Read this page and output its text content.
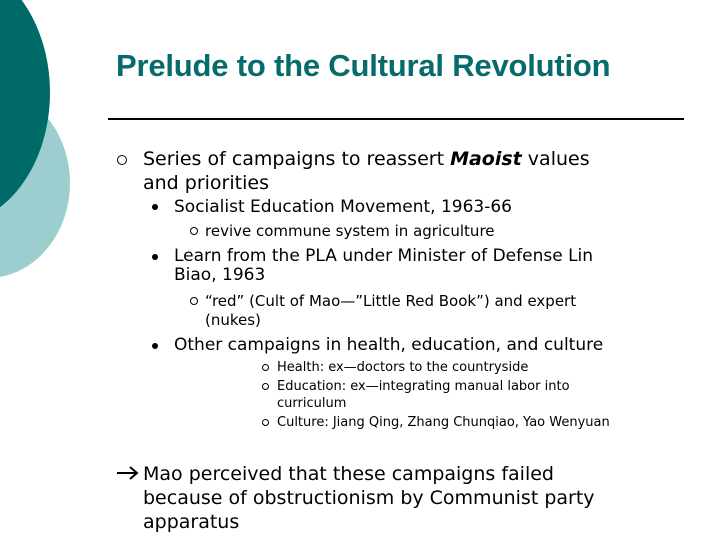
Prelude to the Cultural Revolution
Series of campaigns to reassert Maoist values
and priorities
Socialist Education Movement, 1963-66
revive commune system in agriculture
Learn from the PLA under Minister of Defense Lin
Biao, 1963
“red” (Cult of Mao—”Little Red Book”) and expert
(nukes)
Other campaigns in health, education, and culture
Health: ex—doctors to the countryside
Education: ex—integrating manual labor into
curriculum
Culture: Jiang Qing, Zhang Chunqiao, Yao Wenyuan
Mao perceived that these campaigns failed
because of obstructionism by Communist party
apparatus
